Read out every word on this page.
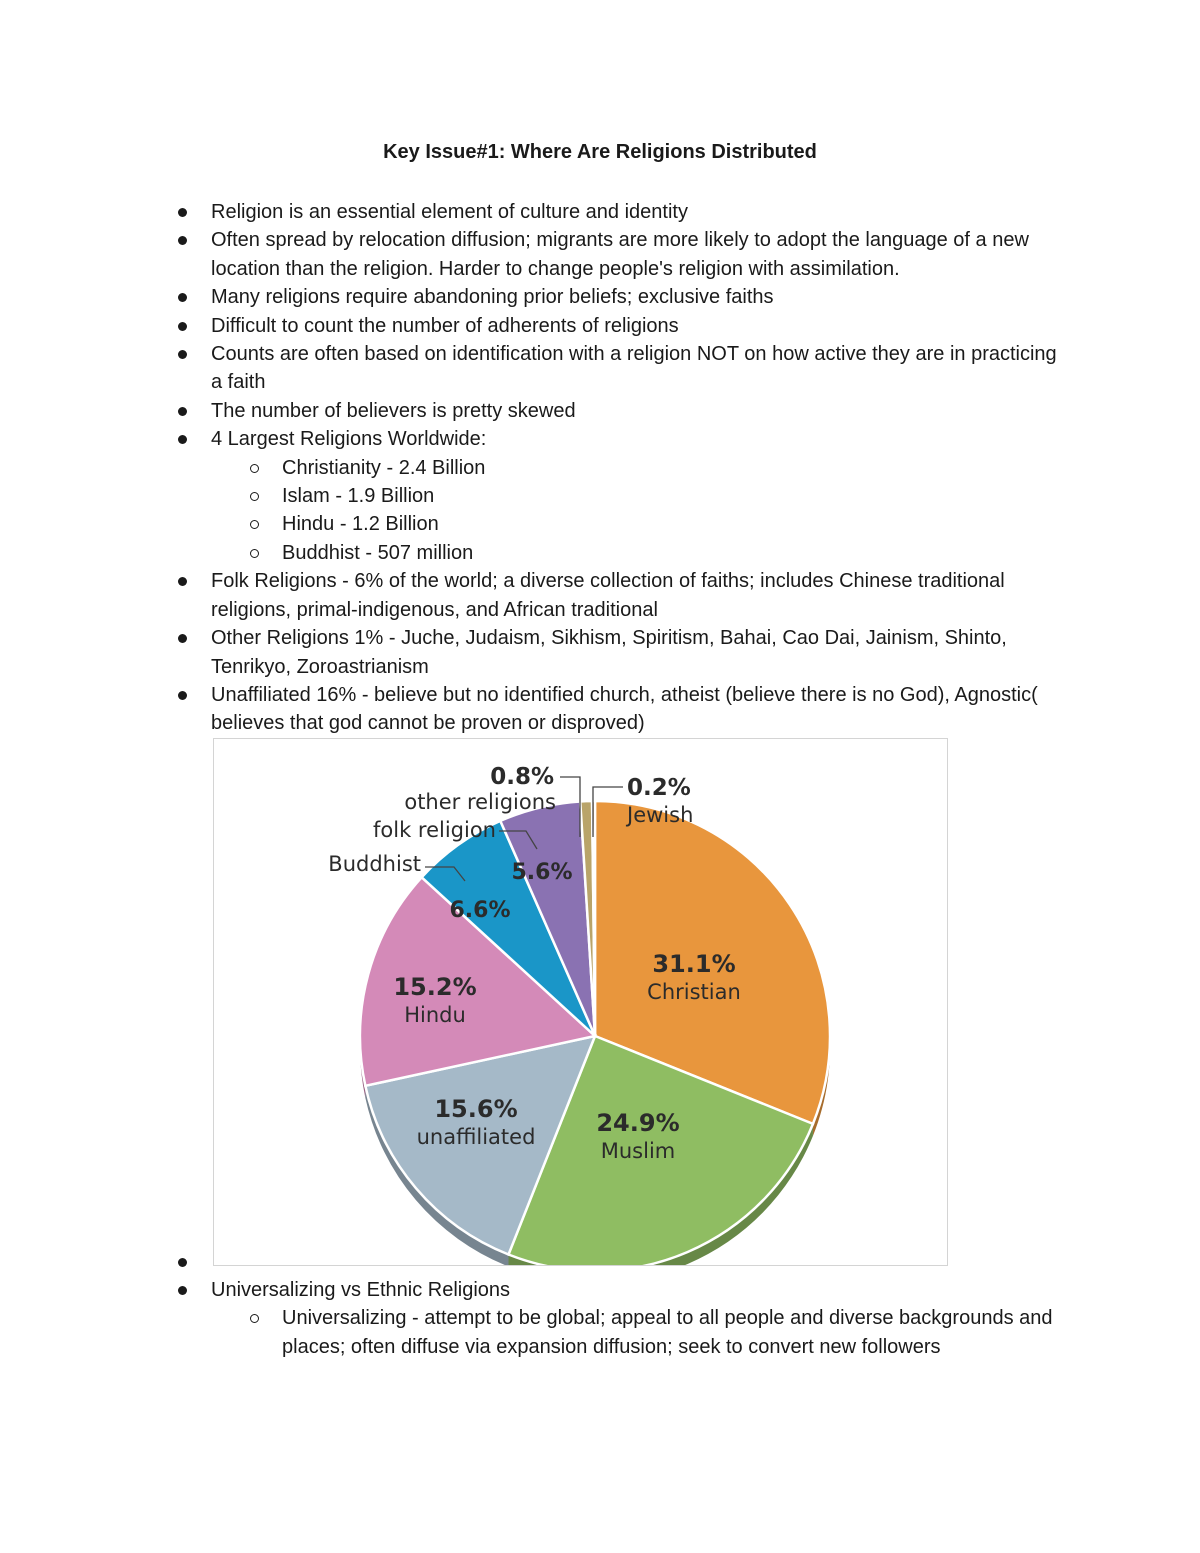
Key Issue#1: Where Are Religions Distributed
Religion is an essential element of culture and identity
Often spread by relocation diffusion; migrants are more likely to adopt the language of a new location than the religion. Harder to change people's religion with assimilation.
Many religions require abandoning prior beliefs; exclusive faiths
Difficult to count the number of adherents of religions
Counts are often based on identification with a religion NOT on how active they are in practicing a faith
The number of believers is pretty skewed
4 Largest Religions Worldwide:
Christianity - 2.4 Billion
Islam - 1.9 Billion
Hindu - 1.2 Billion
Buddhist - 507 million
Folk Religions - 6% of the world; a diverse collection of faiths; includes Chinese traditional religions, primal-indigenous, and African traditional
Other Religions 1% - Juche, Judaism, Sikhism, Spiritism, Bahai, Cao Dai, Jainism, Shinto, Tenrikyo, Zoroastrianism
Unaffiliated 16% - believe but no identified church, atheist (believe there is no God), Agnostic( believes that god cannot be proven or disproved)
31.1%
Christian
24.9%
Muslim
15.6%
unaffiliated
15.2%
Hindu
6.6%
Buddhist	5.6%
folk religion
0.8%
other religions
0.2%
Jewish
Universalizing vs Ethnic Religions
Universalizing - attempt to be global; appeal to all people and diverse backgrounds and places; often diffuse via expansion diffusion; seek to convert new followers
